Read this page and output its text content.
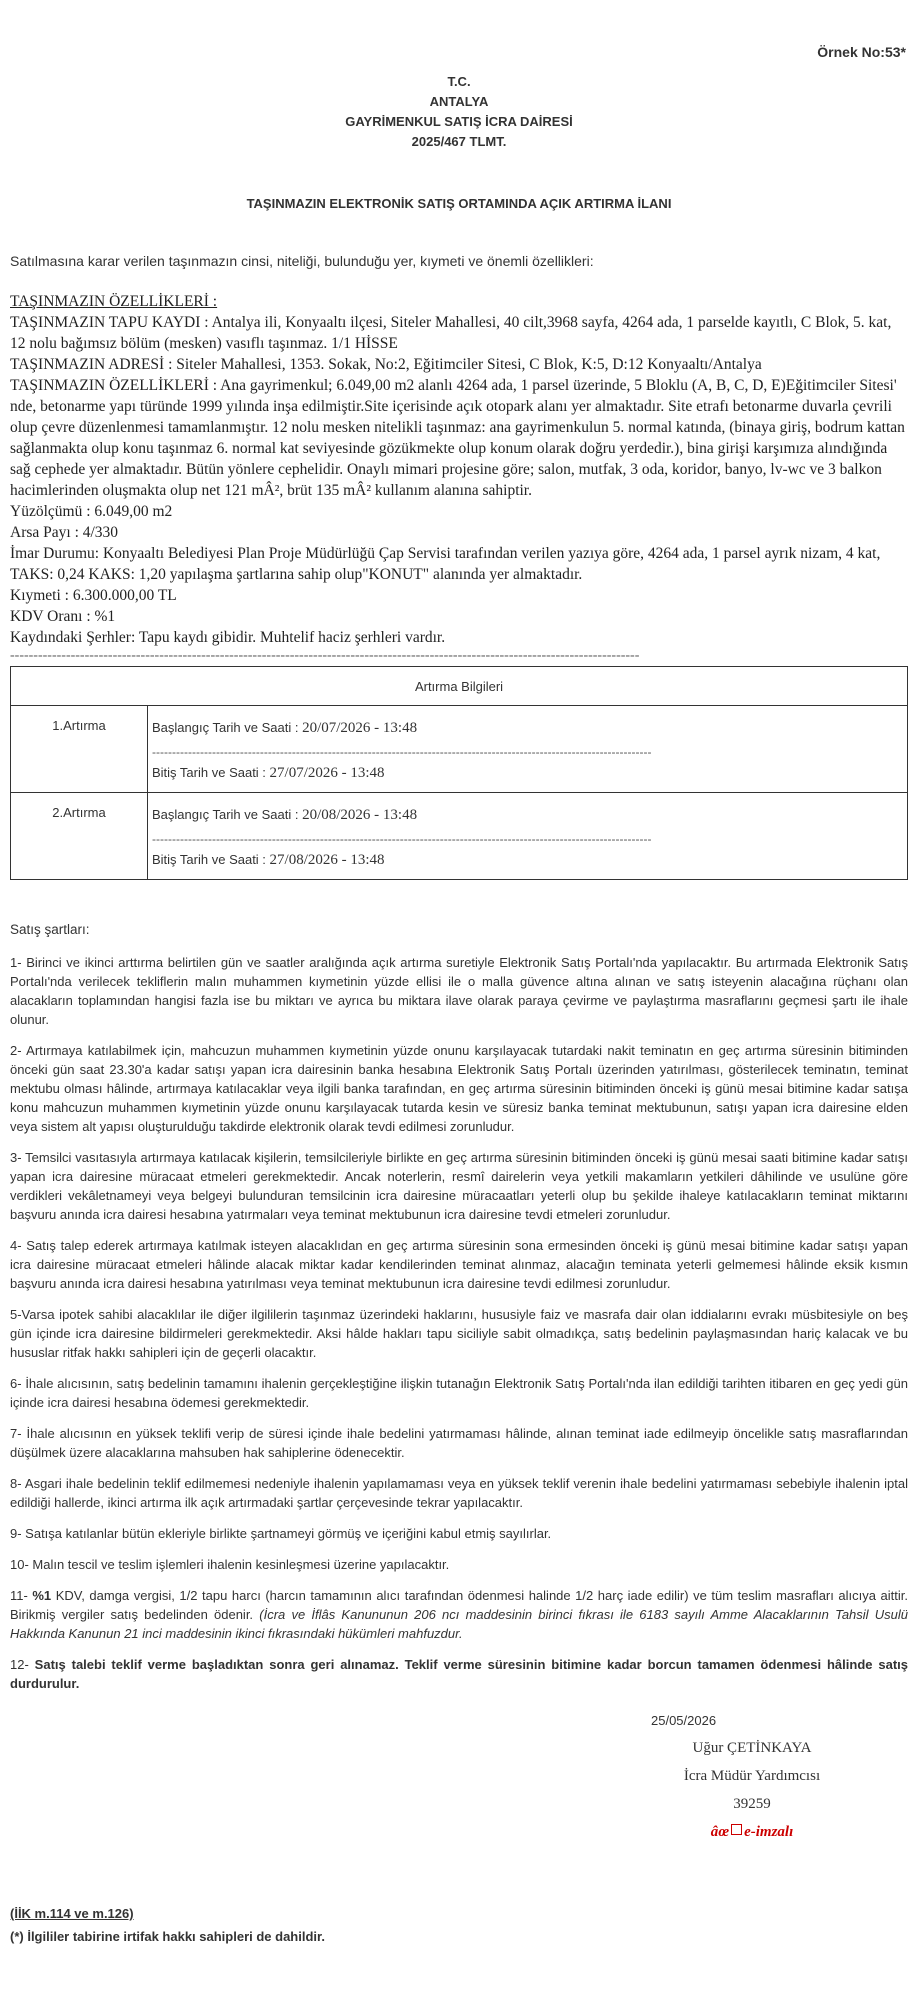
Örnek No:53*
T.C.
ANTALYA
GAYRİMENKUL SATIŞ İCRA DAİRESİ
2025/467 TLMT.
TAŞINMAZIN ELEKTRONİK SATIŞ ORTAMINDA AÇIK ARTIRMA İLANI
Satılmasına karar verilen taşınmazın cinsi, niteliği, bulunduğu yer, kıymeti ve önemli özellikleri:
TAŞINMAZIN ÖZELLİKLERİ :
TAŞINMAZIN TAPU KAYDI : Antalya ili, Konyaaltı ilçesi, Siteler Mahallesi, 40 cilt,3968 sayfa, 4264 ada, 1 parselde kayıtlı, C Blok, 5. kat, 12 nolu bağımsız bölüm (mesken) vasıflı taşınmaz. 1/1 HİSSE
TAŞINMAZIN ADRESİ : Siteler Mahallesi, 1353. Sokak, No:2, Eğitimciler Sitesi, C Blok, K:5, D:12 Konyaaltı/Antalya
TAŞINMAZIN ÖZELLİKLERİ : Ana gayrimenkul; 6.049,00 m2 alanlı 4264 ada, 1 parsel üzerinde, 5 Bloklu (A, B, C, D, E)Eğitimciler Sitesi' nde, betonarme yapı türünde 1999 yılında inşa edilmiştir.Site içerisinde açık otopark alanı yer almaktadır. Site etrafı betonarme duvarla çevrili olup çevre düzenlenmesi tamamlanmıştır. 12 nolu mesken nitelikli taşınmaz: ana gayrimenkulun 5. normal katında, (binaya giriş, bodrum kattan sağlanmakta olup konu taşınmaz 6. normal kat seviyesinde gözükmekte olup konum olarak doğru yerdedir.), bina girişi karşımıza alındığında sağ cephede yer almaktadır. Bütün yönlere cephelidir. Onaylı mimari projesine göre; salon, mutfak, 3 oda, koridor, banyo, lv-wc ve 3 balkon hacimlerinden oluşmakta olup net 121 mÂ², brüt 135 mÂ² kullanım alanına sahiptir.
Yüzölçümü : 6.049,00 m2
Arsa Payı : 4/330
İmar Durumu: Konyaaltı Belediyesi Plan Proje Müdürlüğü Çap Servisi tarafından verilen yazıya göre, 4264 ada, 1 parsel ayrık nizam, 4 kat, TAKS: 0,24 KAKS: 1,20 yapılaşma şartlarına sahip olup"KONUT" alanında yer almaktadır.
Kıymeti : 6.300.000,00 TL
KDV Oranı : %1
Kaydındaki Şerhler: Tapu kaydı gibidir. Muhtelif haciz şerhleri vardır.
---------------------------------------------------------------------------------------------------------------------------------------
Artırma Bilgileri	
1.Artırma	Başlangıç Tarih ve Saati : 20/07/2026 - 13:48
-----------------------------------------------------------------------------------------------------------------------------
Bitiş Tarih ve Saati : 27/07/2026 - 13:48

2.Artırma	Başlangıç Tarih ve Saati : 20/08/2026 - 13:48
-----------------------------------------------------------------------------------------------------------------------------
Bitiş Tarih ve Saati : 27/08/2026 - 13:48
Satış şartları:

1- Birinci ve ikinci arttırma belirtilen gün ve saatler aralığında açık artırma suretiyle Elektronik Satış Portalı'nda yapılacaktır. Bu artırmada Elektronik Satış Portalı'nda verilecek tekliflerin malın muhammen kıymetinin yüzde ellisi ile o malla güvence altına alınan ve satış isteyenin alacağına rüçhanı olan alacakların toplamından hangisi fazla ise bu miktarı ve ayrıca bu miktara ilave olarak paraya çevirme ve paylaştırma masraflarını geçmesi şartı ile ihale olunur.

2- Artırmaya katılabilmek için, mahcuzun muhammen kıymetinin yüzde onunu karşılayacak tutardaki nakit teminatın en geç artırma süresinin bitiminden önceki gün saat 23.30'a kadar satışı yapan icra dairesinin banka hesabına Elektronik Satış Portalı üzerinden yatırılması, gösterilecek teminatın, teminat mektubu olması hâlinde, artırmaya katılacaklar veya ilgili banka tarafından, en geç artırma süresinin bitiminden önceki iş günü mesai bitimine kadar satışa konu mahcuzun muhammen kıymetinin yüzde onunu karşılayacak tutarda kesin ve süresiz banka teminat mektubunun, satışı yapan icra dairesine elden veya sistem alt yapısı oluşturulduğu takdirde elektronik olarak tevdi edilmesi zorunludur.

3- Temsilci vasıtasıyla artırmaya katılacak kişilerin, temsilcileriyle birlikte en geç artırma süresinin bitiminden önceki iş günü mesai saati bitimine kadar satışı yapan icra dairesine müracaat etmeleri gerekmektedir. Ancak noterlerin, resmî dairelerin veya yetkili makamların yetkileri dâhilinde ve usulüne göre verdikleri vekâletnameyi veya belgeyi bulunduran temsilcinin icra dairesine müracaatları yeterli olup bu şekilde ihaleye katılacakların teminat miktarını başvuru anında icra dairesi hesabına yatırmaları veya teminat mektubunun icra dairesine tevdi etmeleri zorunludur.

4- Satış talep ederek artırmaya katılmak isteyen alacaklıdan en geç artırma süresinin sona ermesinden önceki iş günü mesai bitimine kadar satışı yapan icra dairesine müracaat etmeleri hâlinde alacak miktar kadar kendilerinden teminat alınmaz, alacağın teminata yeterli gelmemesi hâlinde eksik kısmın başvuru anında icra dairesi hesabına yatırılması veya teminat mektubunun icra dairesine tevdi edilmesi zorunludur.

5-Varsa ipotek sahibi alacaklılar ile diğer ilgililerin taşınmaz üzerindeki haklarını, hususiyle faiz ve masrafa dair olan iddialarını evrakı müsbitesiyle on beş gün içinde icra dairesine bildirmeleri gerekmektedir. Aksi hâlde hakları tapu siciliyle sabit olmadıkça, satış bedelinin paylaşmasından hariç kalacak ve bu hususlar ritfak hakkı sahipleri için de geçerli olacaktır.

6- İhale alıcısının, satış bedelinin tamamını ihalenin gerçekleştiğine ilişkin tutanağın Elektronik Satış Portalı'nda ilan edildiği tarihten itibaren en geç yedi gün içinde icra dairesi hesabına ödemesi gerekmektedir.

7- İhale alıcısının en yüksek teklifi verip de süresi içinde ihale bedelini yatırmaması hâlinde, alınan teminat iade edilmeyip öncelikle satış masraflarından düşülmek üzere alacaklarına mahsuben hak sahiplerine ödenecektir.

8- Asgari ihale bedelinin teklif edilmemesi nedeniyle ihalenin yapılamaması veya en yüksek teklif verenin ihale bedelini yatırmaması sebebiyle ihalenin iptal edildiği hallerde, ikinci artırma ilk açık artırmadaki şartlar çerçevesinde tekrar yapılacaktır.

9- Satışa katılanlar bütün ekleriyle birlikte şartnameyi görmüş ve içeriğini kabul etmiş sayılırlar.

10- Malın tescil ve teslim işlemleri ihalenin kesinleşmesi üzerine yapılacaktır.

11- %1 KDV, damga vergisi, 1/2 tapu harcı (harcın tamamının alıcı tarafından ödenmesi halinde 1/2 harç iade edilir) ve tüm teslim masrafları alıcıya aittir. Birikmiş vergiler satış bedelinden ödenir. (İcra ve İflâs Kanununun 206 ncı maddesinin birinci fıkrası ile 6183 sayılı Amme Alacaklarının Tahsil Usulü Hakkında Kanunun 21 inci maddesinin ikinci fıkrasındaki hükümleri mahfuzdur.

12- Satış talebi teklif verme başladıktan sonra geri alınamaz. Teklif verme süresinin bitimine kadar borcun tamamen ödenmesi hâlinde satış durdurulur.

25/05/2026
Uğur ÇETİNKAYA
İcra Müdür Yardımcısı
39259
âœ e-imzalı
(İİK m.114 ve m.126)
(*) İlgililer tabirine irtifak hakkı sahipleri de dahildir.
